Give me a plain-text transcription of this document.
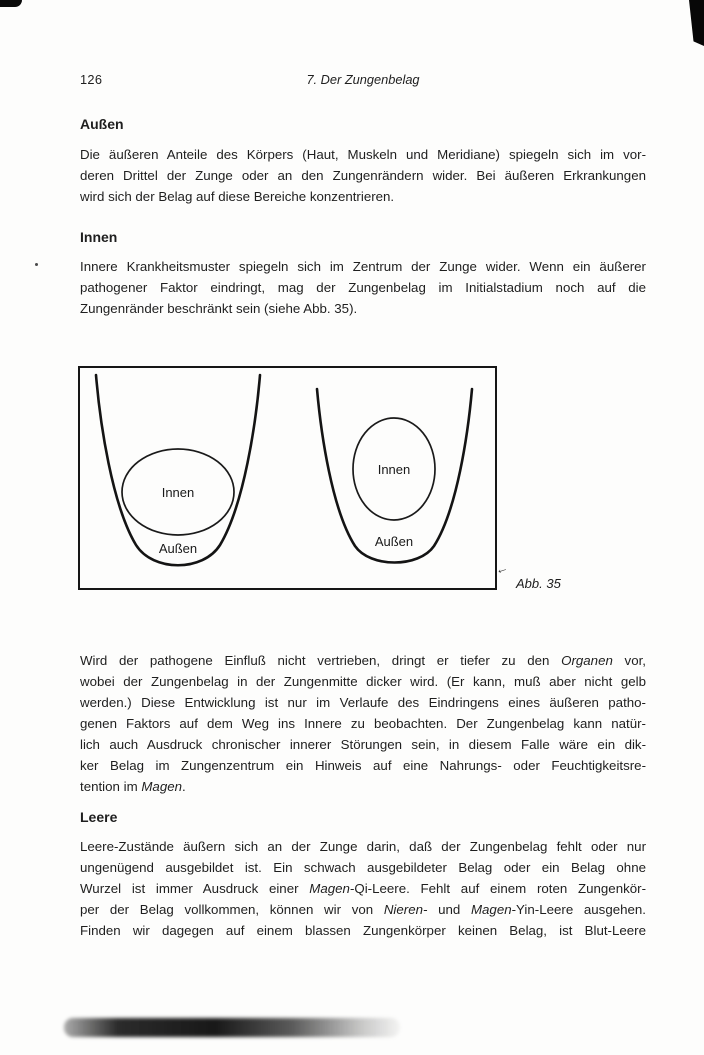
126	7. Der Zungenbelag
Außen
Die äußeren Anteile des Körpers (Haut, Muskeln und Meridiane) spiegeln sich im vor-
deren Drittel der Zunge oder an den Zungenrändern wider. Bei äußeren Erkrankungen
wird sich der Belag auf diese Bereiche konzentrieren.
Innen
Innere Krankheitsmuster spiegeln sich im Zentrum der Zunge wider. Wenn ein äußerer
pathogener Faktor eindringt, mag der Zungenbelag im Initialstadium noch auf die
Zungenränder beschränkt sein (siehe Abb. 35).
Innen
Außen
Innen
Außen
←
Abb. 35
Wird der pathogene Einfluß nicht vertrieben, dringt er tiefer zu den Organen vor,
wobei der Zungenbelag in der Zungenmitte dicker wird. (Er kann, muß aber nicht gelb
werden.) Diese Entwicklung ist nur im Verlaufe des Eindringens eines äußeren patho-
genen Faktors auf dem Weg ins Innere zu beobachten. Der Zungenbelag kann natür-
lich auch Ausdruck chronischer innerer Störungen sein, in diesem Falle wäre ein dik-
ker Belag im Zungenzentrum ein Hinweis auf eine Nahrungs- oder Feuchtigkeitsre-
tention im Magen.
Leere
Leere-Zustände äußern sich an der Zunge darin, daß der Zungenbelag fehlt oder nur
ungenügend ausgebildet ist. Ein schwach ausgebildeter Belag oder ein Belag ohne
Wurzel ist immer Ausdruck einer Magen-Qi-Leere. Fehlt auf einem roten Zungenkör-
per der Belag vollkommen, können wir von Nieren- und Magen-Yin-Leere ausgehen.
Finden wir dagegen auf einem blassen Zungenkörper keinen Belag, ist Blut-Leere
